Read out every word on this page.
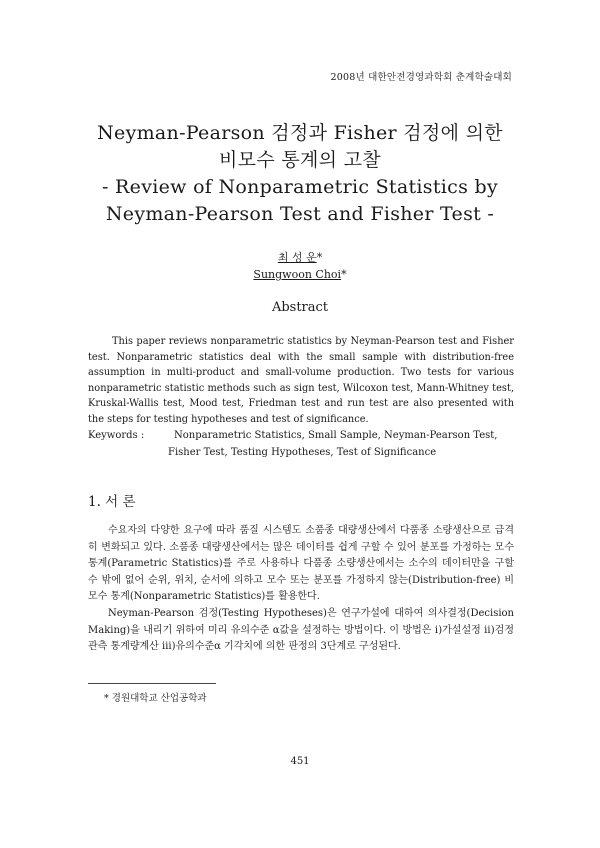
2008년 대한안전경영과학회 춘계학술대회
Neyman-Pearson 검정과 Fisher 검정에 의한
비모수 통계의 고찰
- Review of Nonparametric Statistics by
Neyman-Pearson Test and Fisher Test -
최 성 운*
Sungwoon Choi*
Abstract
This paper reviews nonparametric statistics by Neyman-Pearson test and Fisher test. Nonparametric statistics deal with the small sample with distribution-free assumption in multi-product and small-volume production. Two tests for various nonparametric statistic methods such as sign test, Wilcoxon test, Mann-Whitney test, Kruskal-Wallis test, Mood test, Friedman test and run test are also presented with the steps for testing hypotheses and test of significance.
Keywords :	Nonparametric Statistics, Small Sample, Neyman-Pearson Test,
Fisher Test, Testing Hypotheses, Test of Significance
1. 서 론

수요자의 다양한 요구에 따라 품질 시스템도 소품종 대량생산에서 다품종 소량생산으로 급격히 변화되고 있다. 소품종 대량생산에서는 많은 데이터를 쉽게 구할 수 있어 분포를 가정하는 모수 통계(Parametric Statistics)를 주로 사용하나 다품종 소량생산에서는 소수의 데이터만을 구할 수 밖에 없어 순위, 위치, 순서에 의하고 모수 또는 분포를 가정하지 않는(Distribution-free) 비모수 통계(Nonparametric Statistics)를 활용한다.

Neyman-Pearson 검정(Testing Hypotheses)은 연구가설에 대하여 의사결정(Decision Making)을 내리기 위하여 미리 유의수준 α값을 설정하는 방법이다. 이 방법은 ⅰ)가설설정 ⅱ)검정관측 통계량계산 ⅲ)유의수준α 기각치에 의한 판정의 3단계로 구성된다.

* 경원대학교 산업공학과
451
